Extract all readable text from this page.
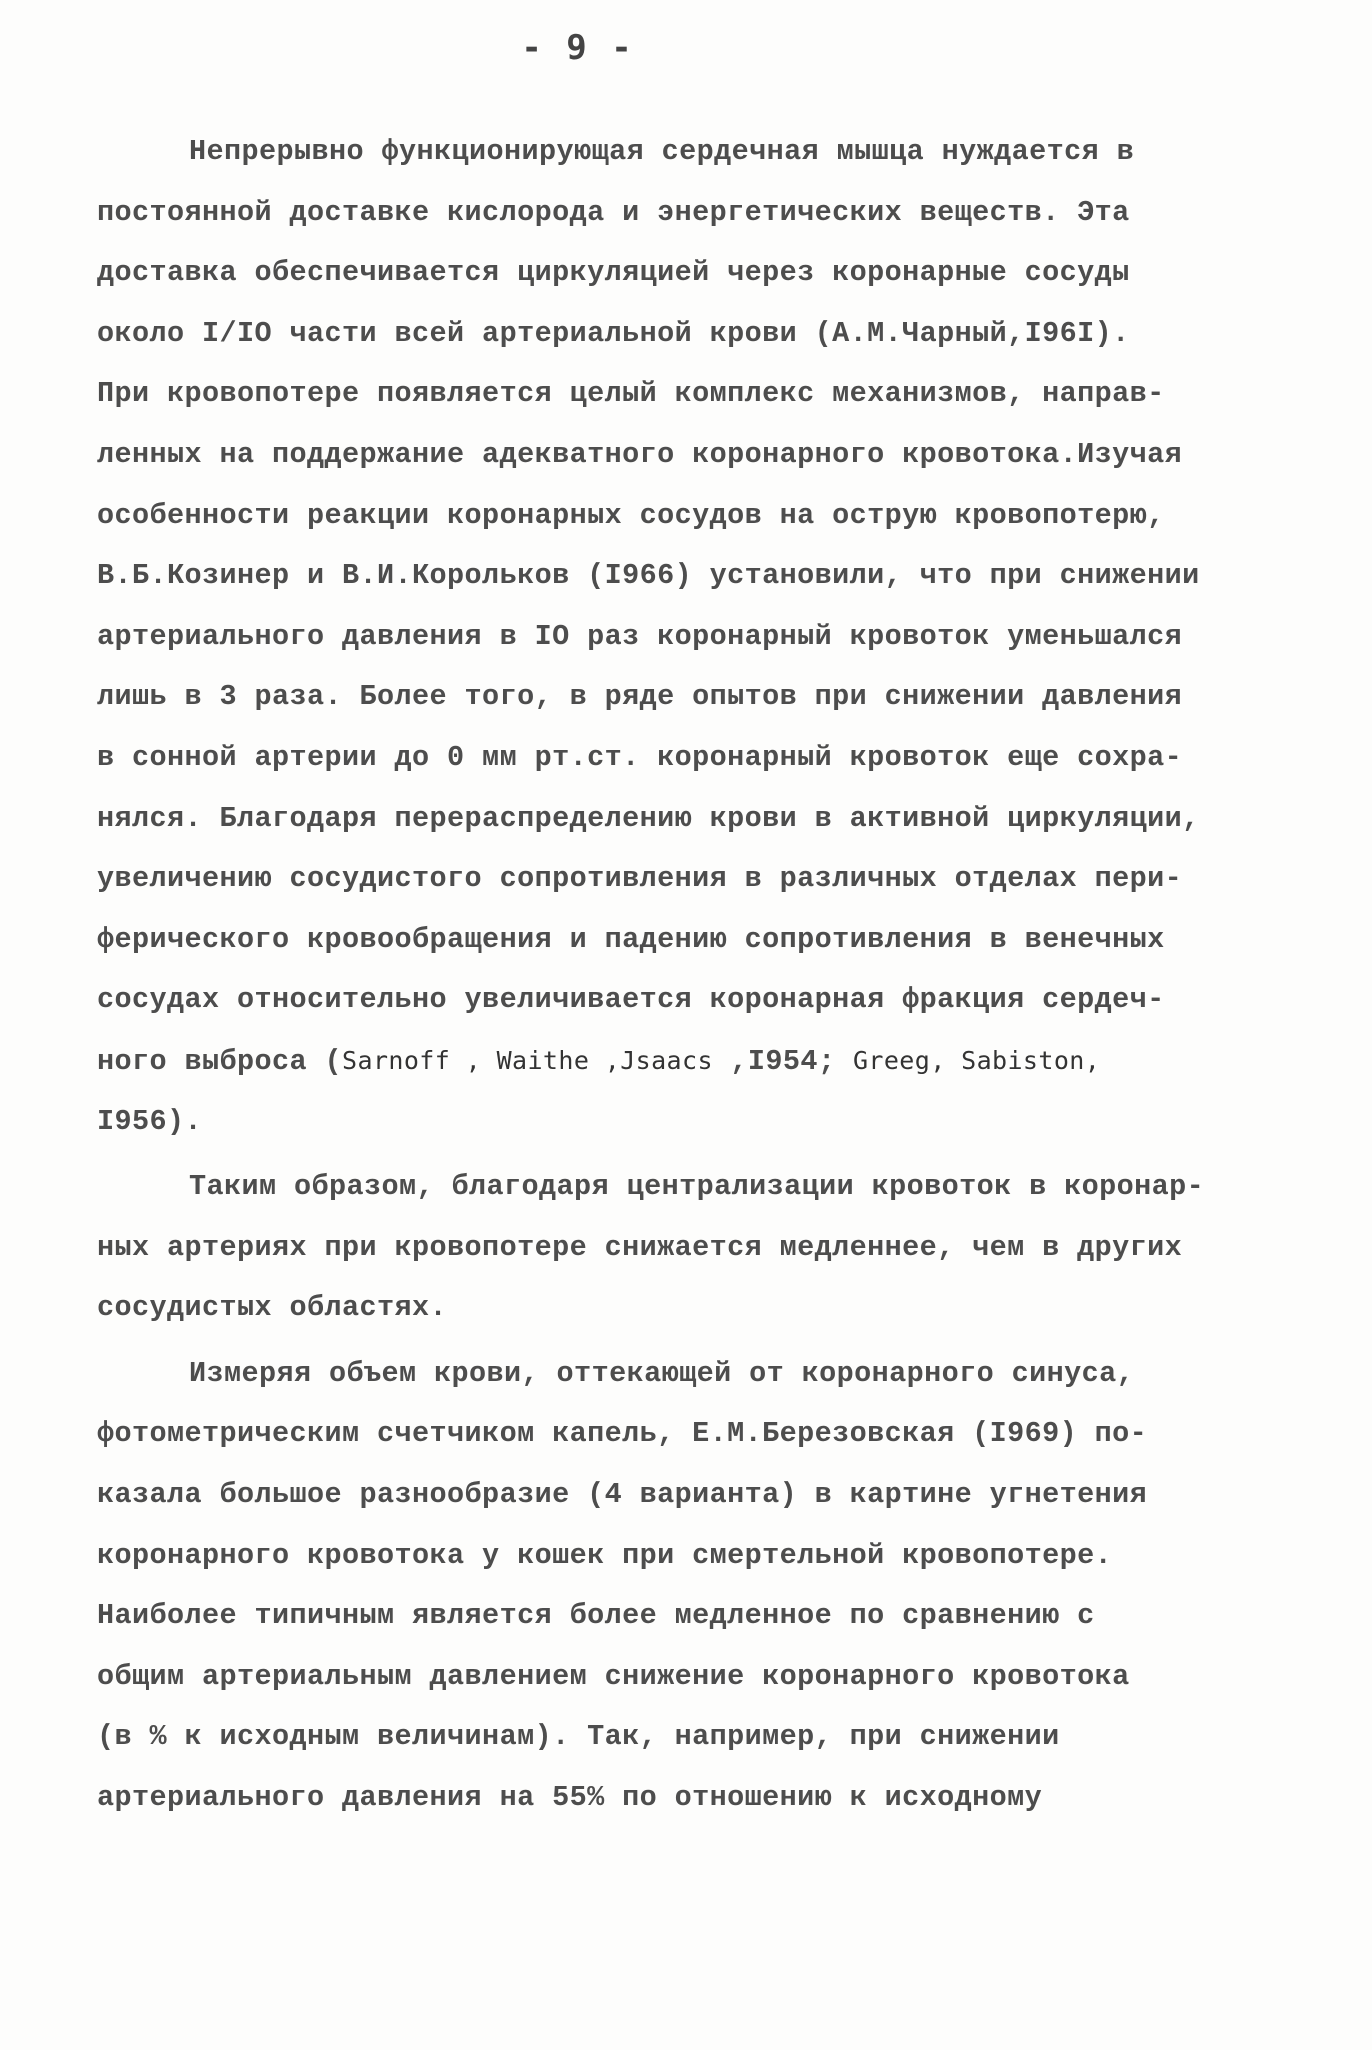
- 9 -
Непрерывно функционирующая сердечная мышца нуждается в
постоянной доставке кислорода и энергетических веществ. Эта
доставка обеспечивается циркуляцией через коронарные сосуды
около I/IO части всей артериальной крови (А.М.Чарный,I96I).
При кровопотере появляется целый комплекс механизмов, направ-
ленных на поддержание адекватного коронарного кровотока.Изучая
особенности реакции коронарных сосудов на острую кровопотерю,
В.Б.Козинер и В.И.Корольков (I966) установили, что при снижении
артериального давления в IO раз коронарный кровоток уменьшался
лишь в 3 раза. Более того, в ряде опытов при снижении давления
в сонной артерии до 0 мм рт.ст. коронарный кровоток еще сохра-
нялся. Благодаря перераспределению крови в активной циркуляции,
увеличению сосудистого сопротивления в различных отделах пери-
ферического кровообращения и падению сопротивления в венечных
сосудах относительно увеличивается коронарная фракция сердеч-
ного выброса (Sarnoff , Waithe ,Jsaacs ,I954; Greeg, Sabiston,
I956).
Таким образом, благодаря централизации кровоток в коронар-
ных артериях при кровопотере снижается медленнее, чем в других
сосудистых областях.
Измеряя объем крови, оттекающей от коронарного синуса,
фотометрическим счетчиком капель, Е.М.Березовская (I969) по-
казала большое разнообразие (4 варианта) в картине угнетения
коронарного кровотока у кошек при смертельной кровопотере.
Наиболее типичным является более медленное по сравнению с
общим артериальным давлением снижение коронарного кровотока
(в % к исходным величинам). Так, например, при снижении
артериального давления на 55% по отношению к исходному
